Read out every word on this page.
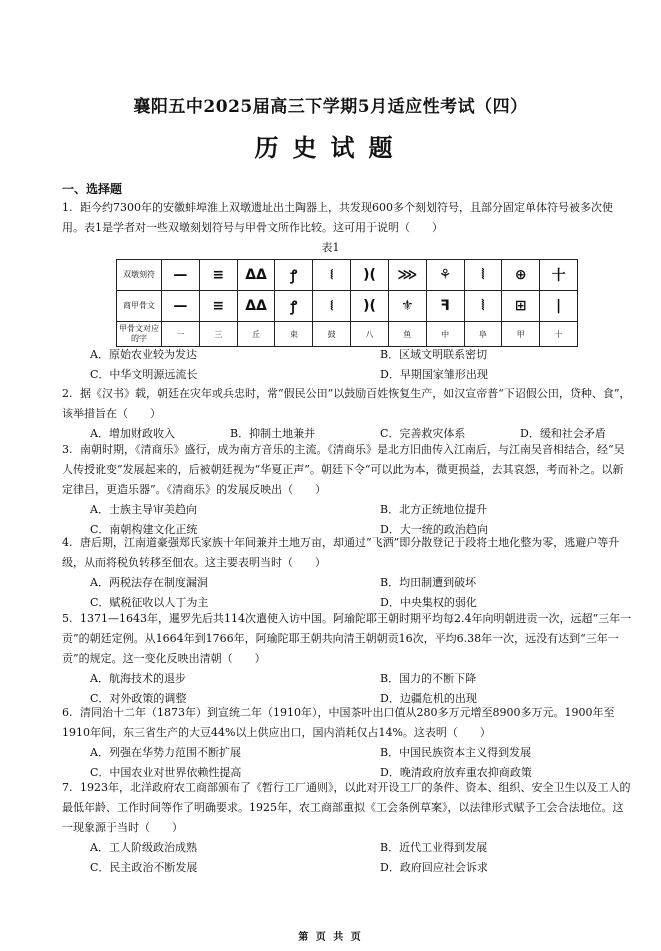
襄阳五中2025届高三下学期5月适应性考试（四）
历史试题
一、选择题
1. 距今约7300年的安徽蚌埠淮上双墩遗址出土陶器上，共发现600多个刻划符号，且部分固定单体符号被多次使用。表1是学者对一些双墩刻划符号与甲骨文所作比较。这可用于说明（　　）
表1
双墩刻符	—	≡	ᐃᐃ	ꝭ	⧙	)(	⋙	⚘	⦚	⊕	十
商甲骨文	—	≡	ᐃᐃ	ꝭ	⧙	)(	⚜	ꟻ	⦚	⊞	|
甲骨文对应的字	一	三	丘	束	鼓	八	鱼	中	阜	甲	十
A．原始农业较为发达	B．区域文明联系密切
C．中华文明源远流长	D．早期国家雏形出现
2. 据《汉书》载，朝廷在灾年或兵忠时，常“假民公田”以鼓励百姓恢复生产，如汉宣帝普“下诏假公田，贷种、食”，该举措旨在（　　）
A．增加财政收入	B．抑制土地兼并	C．完善救灾体系	D．缓和社会矛盾
3. 南朝时期，《清商乐》盛行，成为南方音乐的主流。《清商乐》是北方旧曲传入江南后，与江南吴音相结合，经“吴人传授讹变”发展起来的，后被朝廷视为“华夏正声”。朝廷下令“可以此为本，微更损益，去其哀怨，考而补之。以新定律吕，更造乐器”。《清商乐》的发展反映出（　　）
A．士族主导审美趋向	B．北方正统地位提升
C．南朝构建文化正统	D．大一统的政治趋向
4. 唐后期，江南道豪强郑氏家族十年间兼并土地万亩，却通过“飞洒”即分散登记于段将土地化整为零，逃避户等升级，从而将税负转移至佃农。这主要表明当时（　　）
A．两税法存在制度漏洞	B．均田制遭到破坏
C．赋税征收以人丁为主	D．中央集权的弱化
5. 1371—1643年，暹罗先后共114次遣使入访中国。阿瑜陀耶王朝时期平均每2.4年向明朝进贡一次，远超“三年一贡”的朝廷定例。从1664年到1766年，阿瑜陀耶王朝共向清王朝朝贡16次，平均6.38年一次，远没有达到“三年一贡”的规定。这一变化反映出清朝（　　）
A．航海技术的退步	B．国力的不断下降
C．对外政策的调整	D．边疆危机的出现
6. 清同治十二年（1873年）到宣统二年（1910年），中国茶叶出口值从280多万元增至8900多万元。1900年至1910年间，东三省生产的大豆44%以上供应出口，国内消耗仅占14%。这表明（　　）
A．列强在华势力范围不断扩展	B．中国民族资本主义得到发展
C．中国农业对世界依赖性提高	D．晚清政府放弃重农抑商政策
7. 1923年，北洋政府农工商部颁布了《暂行工厂通则》，以此对开设工厂的条件、资本、组织、安全卫生以及工人的最低年龄、工作时间等作了明确要求。1925年，农工商部重拟《工会条例草案》，以法律形式赋予工会合法地位。这一现象源于当时（　　）
A．工人阶级政治成熟	B．近代工业得到发展
C．民主政治不断发展	D．政府回应社会诉求
第 页 共 页
